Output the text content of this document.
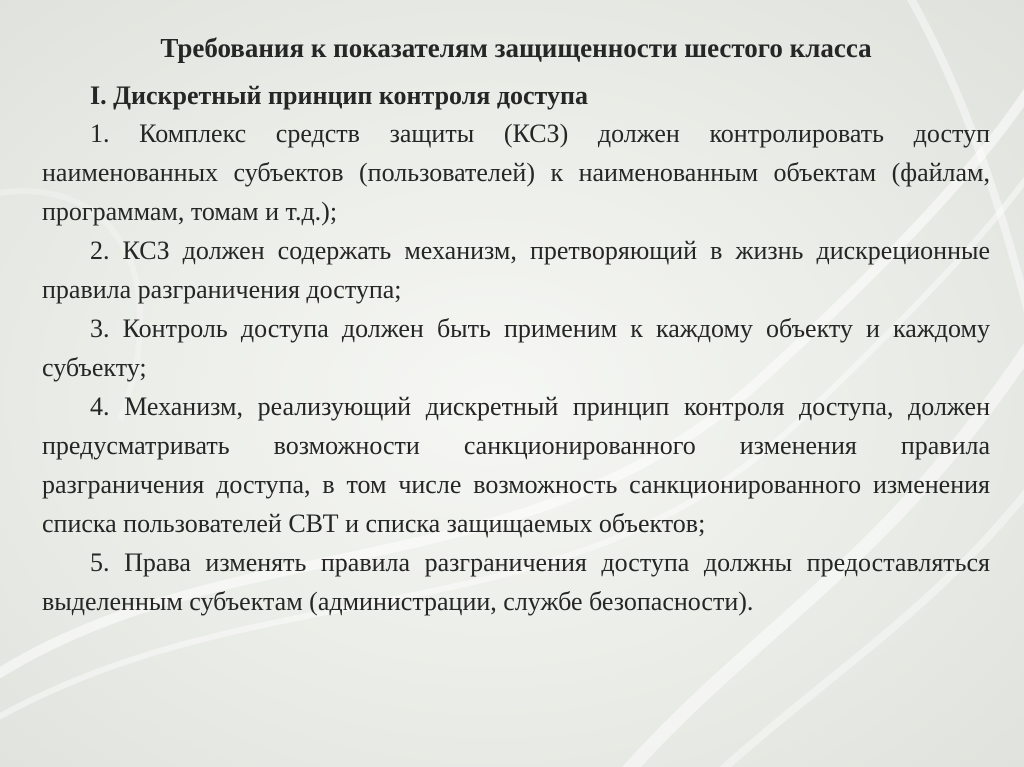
Требования к показателям защищенности шестого класса
I. Дискретный принцип контроля доступа

1. Комплекс средств защиты (КСЗ) должен контролировать доступ наименованных субъектов (пользователей) к наименованным объектам (файлам, программам, томам и т.д.);

2. КСЗ должен содержать механизм, претворяющий в жизнь дискреционные правила разграничения доступа;

3. Контроль доступа должен быть применим к каждому объекту и каждому субъекту;

4. Механизм, реализующий дискретный принцип контроля доступа, должен предусматривать возможности санкционированного изменения правила разграничения доступа, в том числе возможность санкционированного изменения списка пользователей СВТ и списка защищаемых объектов;

5. Права изменять правила разграничения доступа должны предоставляться выделенным субъектам (администрации, службе безопасности).
